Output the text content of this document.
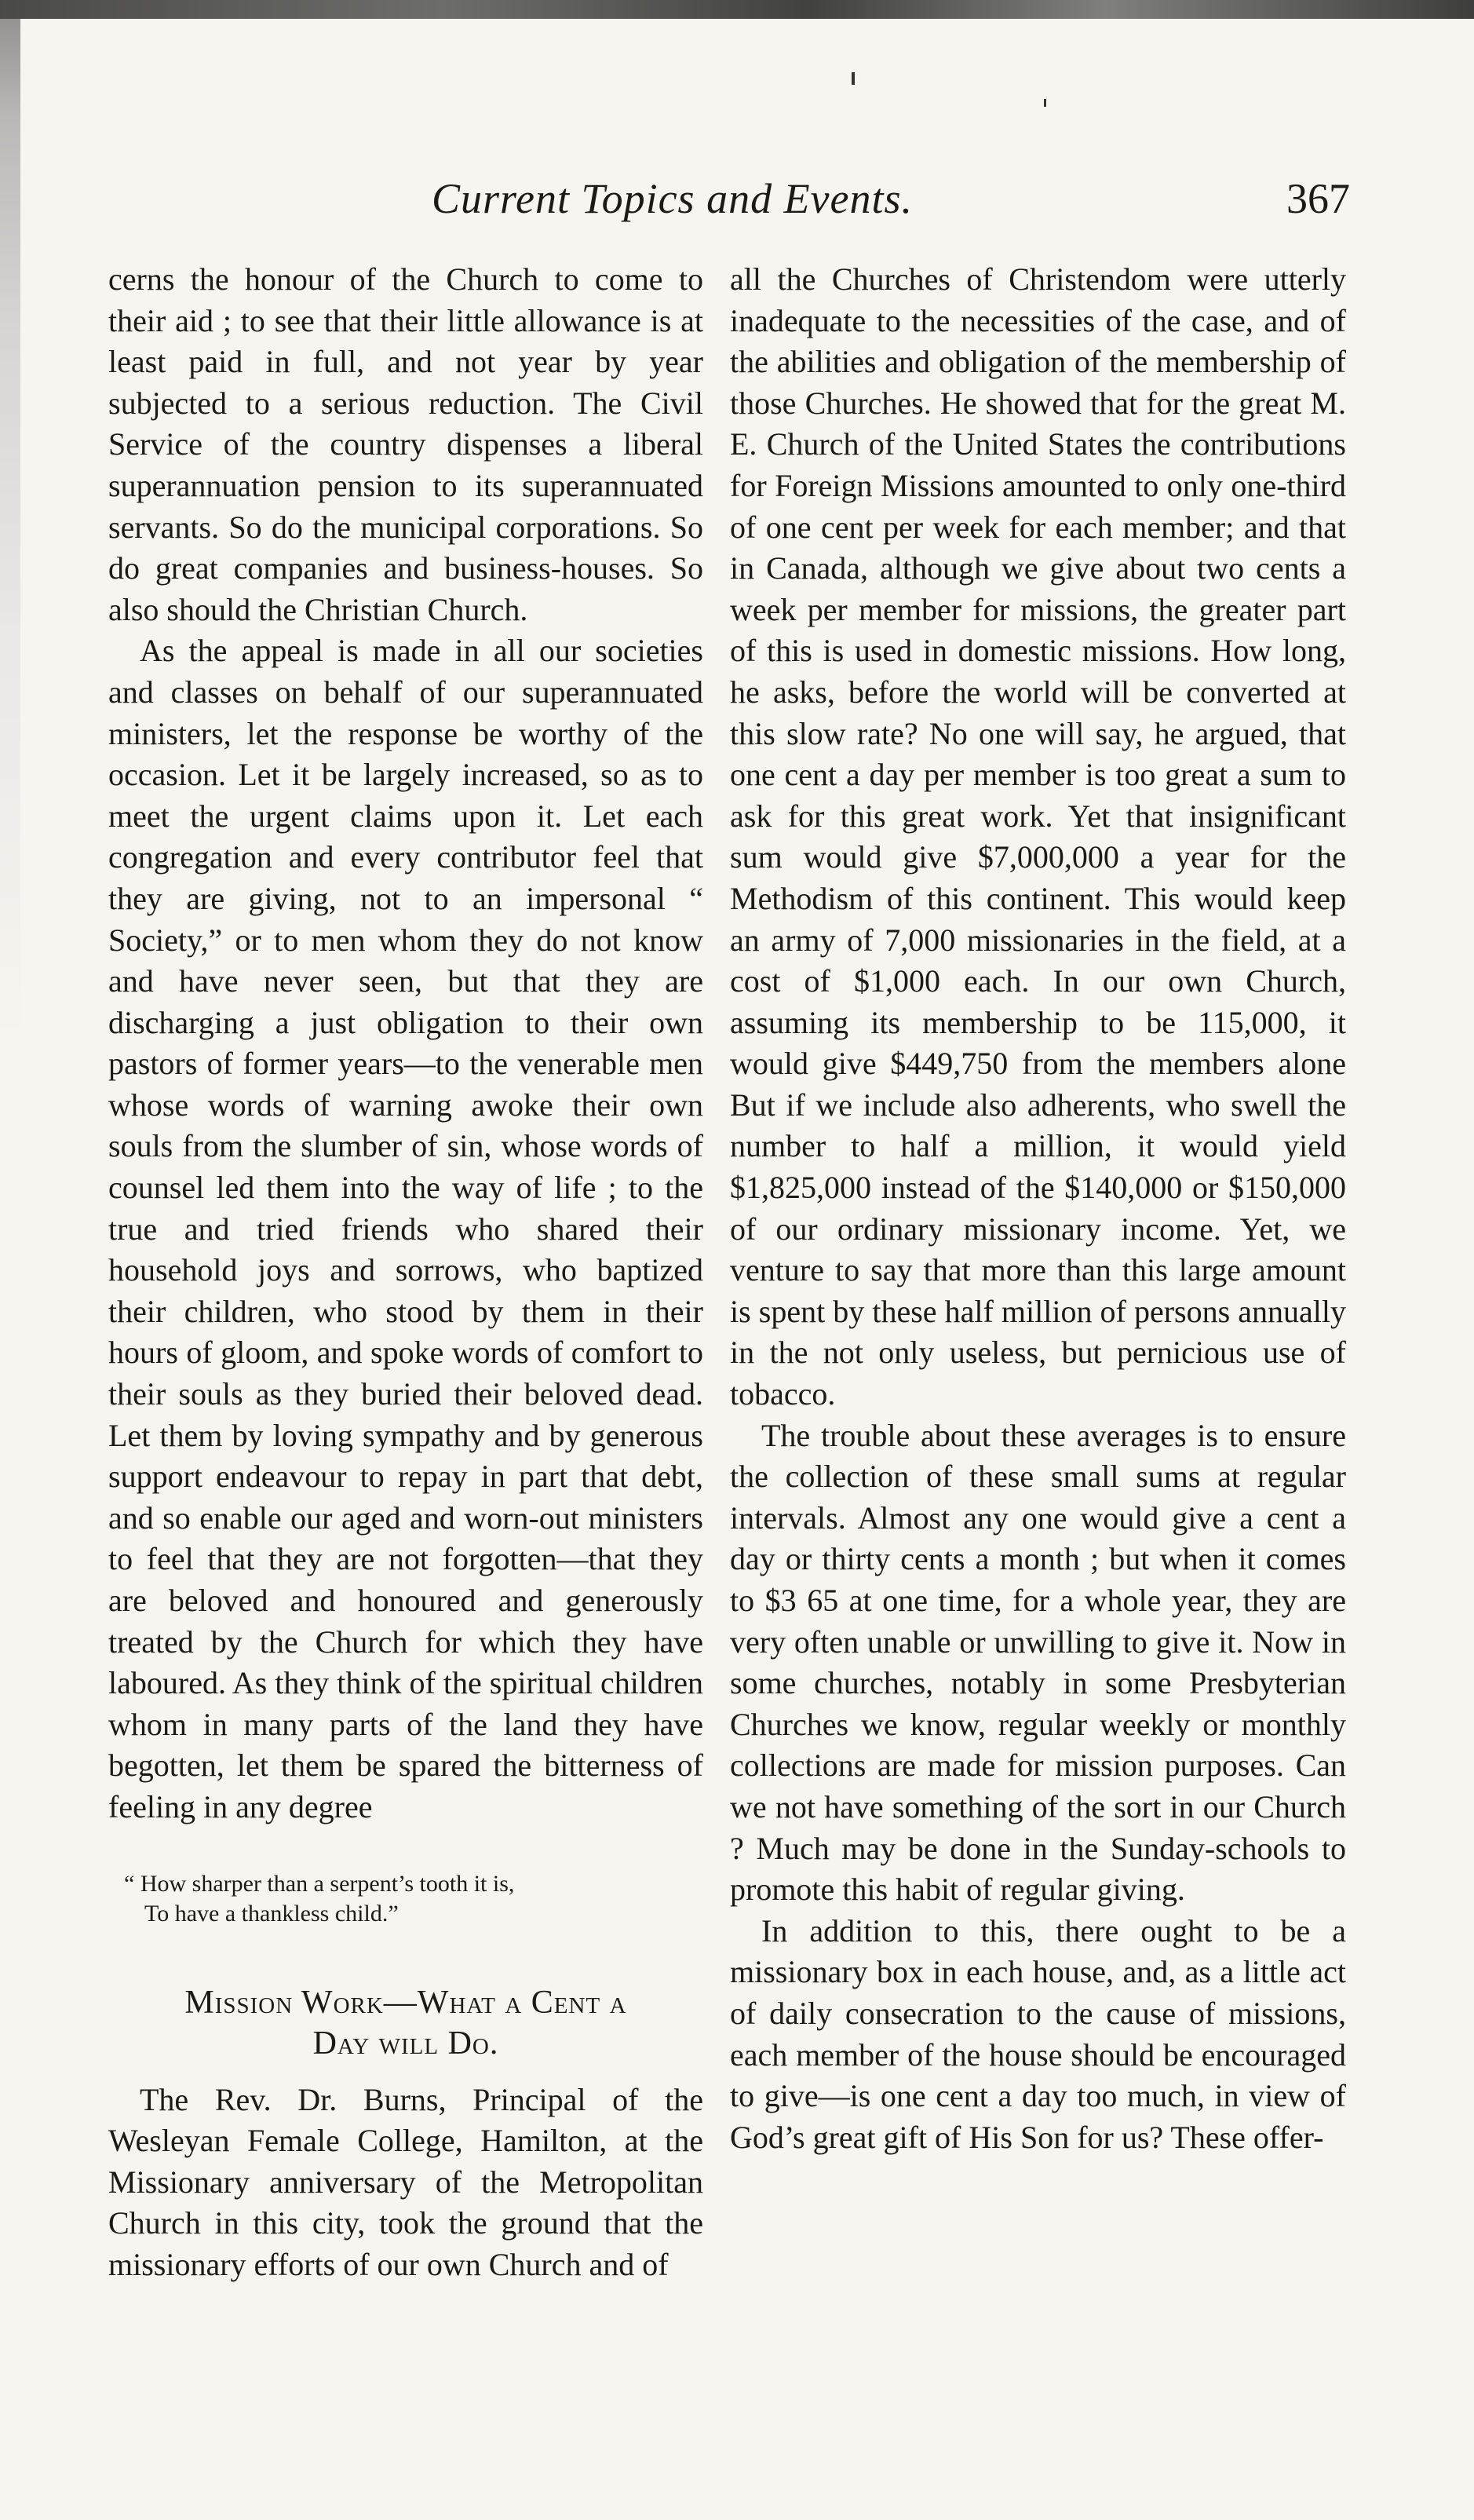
Current Topics and Events.	367

cerns the honour of the Church to come to their aid ; to see that their little allowance is at least paid in full, and not year by year subjected to a serious reduction. The Civil Service of the country dispenses a liberal superannuation pension to its superannuated servants. So do the municipal corporations. So do great companies and business-houses. So also should the Christian Church.

As the appeal is made in all our societies and classes on behalf of our superannuated ministers, let the response be worthy of the occasion. Let it be largely increased, so as to meet the urgent claims upon it. Let each congregation and every contributor feel that they are giving, not to an impersonal “ Society,” or to men whom they do not know and have never seen, but that they are discharging a just obligation to their own pastors of former years—to the venerable men whose words of warning awoke their own souls from the slumber of sin, whose words of counsel led them into the way of life ; to the true and tried friends who shared their household joys and sorrows, who baptized their children, who stood by them in their hours of gloom, and spoke words of comfort to their souls as they buried their beloved dead. Let them by loving sympathy and by generous support endeavour to repay in part that debt, and so enable our aged and worn-out ministers to feel that they are not forgotten—that they are beloved and honoured and generously treated by the Church for which they have laboured. As they think of the spiritual children whom in many parts of the land they have begotten, let them be spared the bitterness of feeling in any degree

“ How sharper than a serpent’s tooth it is,
To have a thankless child.”
Mission Work—What a Cent a
Day will Do.

The Rev. Dr. Burns, Principal of the Wesleyan Female College, Hamilton, at the Missionary anniversary of the Metropolitan Church in this city, took the ground that the missionary efforts of our own Church and of

all the Churches of Christendom were utterly inadequate to the necessities of the case, and of the abilities and obligation of the membership of those Churches. He showed that for the great M. E. Church of the United States the contributions for Foreign Missions amounted to only one-third of one cent per week for each member; and that in Canada, although we give about two cents a week per member for missions, the greater part of this is used in domestic missions. How long, he asks, before the world will be converted at this slow rate? No one will say, he argued, that one cent a day per member is too great a sum to ask for this great work. Yet that insignificant sum would give $7,000,000 a year for the Methodism of this continent. This would keep an army of 7,000 missionaries in the field, at a cost of $1,000 each. In our own Church, assuming its membership to be 115,000, it would give $449,750 from the members alone But if we include also adherents, who swell the number to half a million, it would yield $1,825,000 instead of the $140,000 or $150,000 of our ordinary missionary income. Yet, we venture to say that more than this large amount is spent by these half million of persons annually in the not only useless, but pernicious use of tobacco.

The trouble about these averages is to ensure the collection of these small sums at regular intervals. Almost any one would give a cent a day or thirty cents a month ; but when it comes to $3 65 at one time, for a whole year, they are very often unable or unwilling to give it. Now in some churches, notably in some Presbyterian Churches we know, regular weekly or monthly collections are made for mission purposes. Can we not have something of the sort in our Church ? Much may be done in the Sunday-schools to promote this habit of regular giving.

In addition to this, there ought to be a missionary box in each house, and, as a little act of daily consecration to the cause of missions, each member of the house should be encouraged to give—is one cent a day too much, in view of God’s great gift of His Son for us? These offer-
